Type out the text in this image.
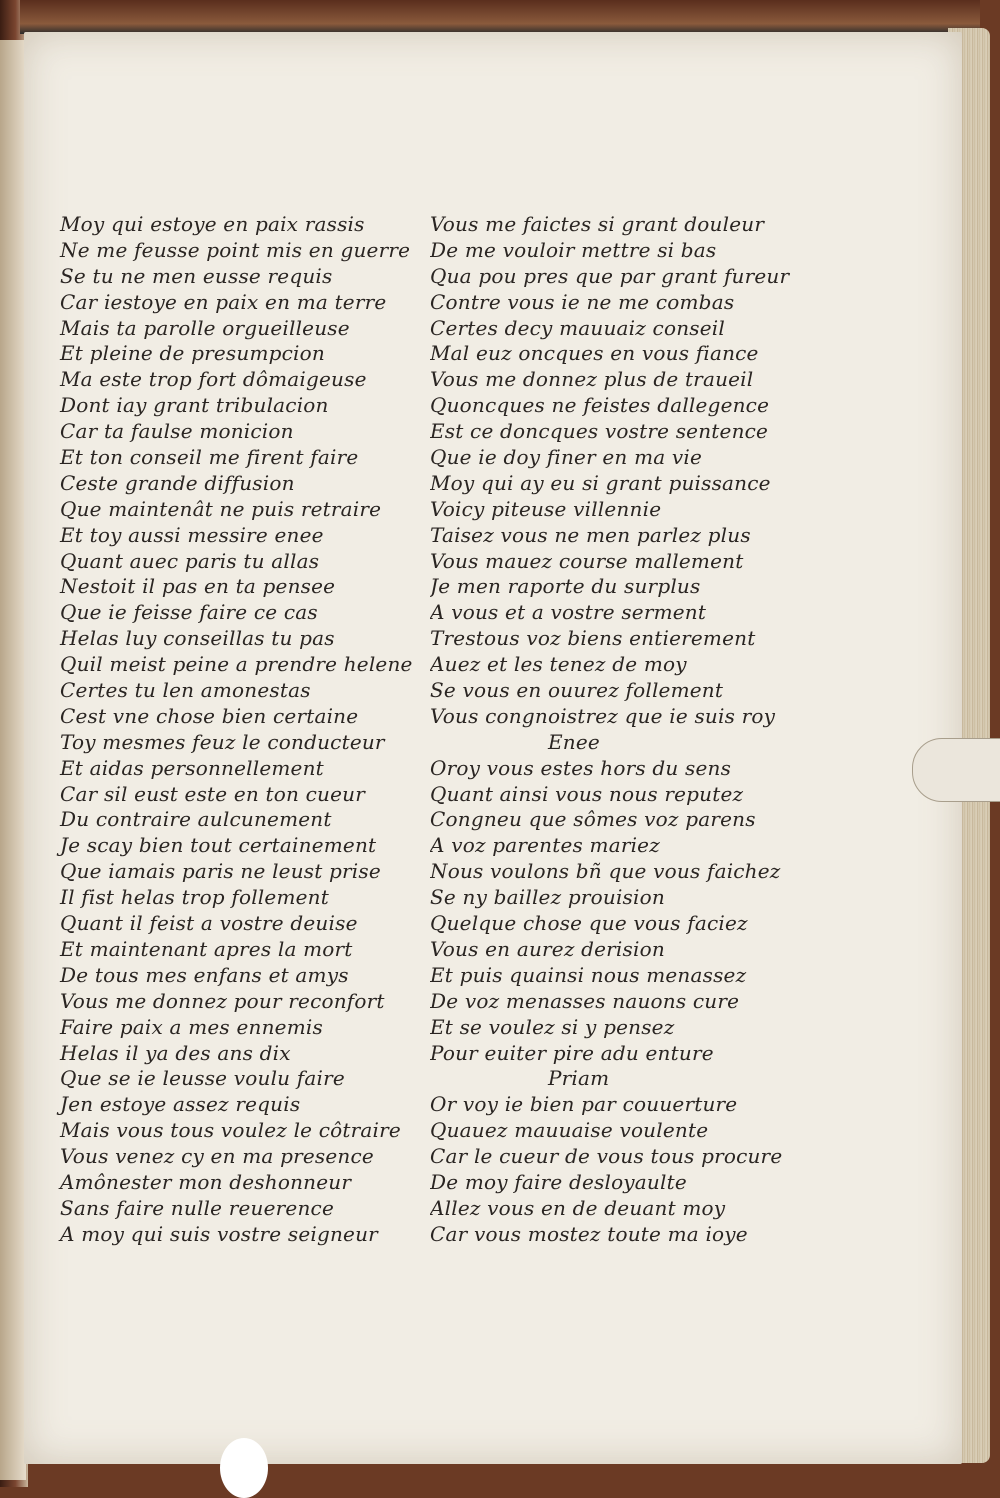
Moy qui estoye en paix rassis
Ne me feusse point mis en guerre
Se tu ne men eusse requis
Car iestoye en paix en ma terre
Mais ta parolle orgueilleuse
Et pleine de presumpcion
Ma este trop fort dômaigeuse
Dont iay grant tribulacion
Car ta faulse monicion
Et ton conseil me firent faire
Ceste grande diffusion
Que maintenât ne puis retraire
Et toy aussi messire enee
Quant auec paris tu allas
Nestoit il pas en ta pensee
Que ie feisse faire ce cas
Helas luy conseillas tu pas
Quil meist peine a prendre helene
Certes tu len amonestas
Cest vne chose bien certaine
Toy mesmes feuz le conducteur
Et aidas personnellement
Car sil eust este en ton cueur
Du contraire aulcunement
Je scay bien tout certainement
Que iamais paris ne leust prise
Il fist helas trop follement
Quant il feist a vostre deuise
Et maintenant apres la mort
De tous mes enfans et amys
Vous me donnez pour reconfort
Faire paix a mes ennemis
Helas il ya des ans dix
Que se ie leusse voulu faire
Jen estoye assez requis
Mais vous tous voulez le côtraire
Vous venez cy en ma presence
Amônester mon deshonneur
Sans faire nulle reuerence
A moy qui suis vostre seigneur
Vous me faictes si grant douleur
De me vouloir mettre si bas
Qua pou pres que par grant fureur
Contre vous ie ne me combas
Certes decy mauuaiz conseil
Mal euz oncques en vous fiance
Vous me donnez plus de traueil
Quoncques ne feistes dallegence
Est ce doncques vostre sentence
Que ie doy finer en ma vie
Moy qui ay eu si grant puissance
Voicy piteuse villennie
Taisez vous ne men parlez plus
Vous mauez course mallement
Je men raporte du surplus
A vous et a vostre serment
Trestous voz biens entierement
Auez et les tenez de moy
Se vous en ouurez follement
Vous congnoistrez que ie suis roy
Enee
Oroy vous estes hors du sens
Quant ainsi vous nous reputez
Congneu que sômes voz parens
A voz parentes mariez
Nous voulons bñ que vous faichez
Se ny baillez prouision
Quelque chose que vous faciez
Vous en aurez derision
Et puis quainsi nous menassez
De voz menasses nauons cure
Et se voulez si y pensez
Pour euiter pire adu enture
Priam
Or voy ie bien par couuerture
Quauez mauuaise voulente
Car le cueur de vous tous procure
De moy faire desloyaulte
Allez vous en de deuant moy
Car vous mostez toute ma ioye
